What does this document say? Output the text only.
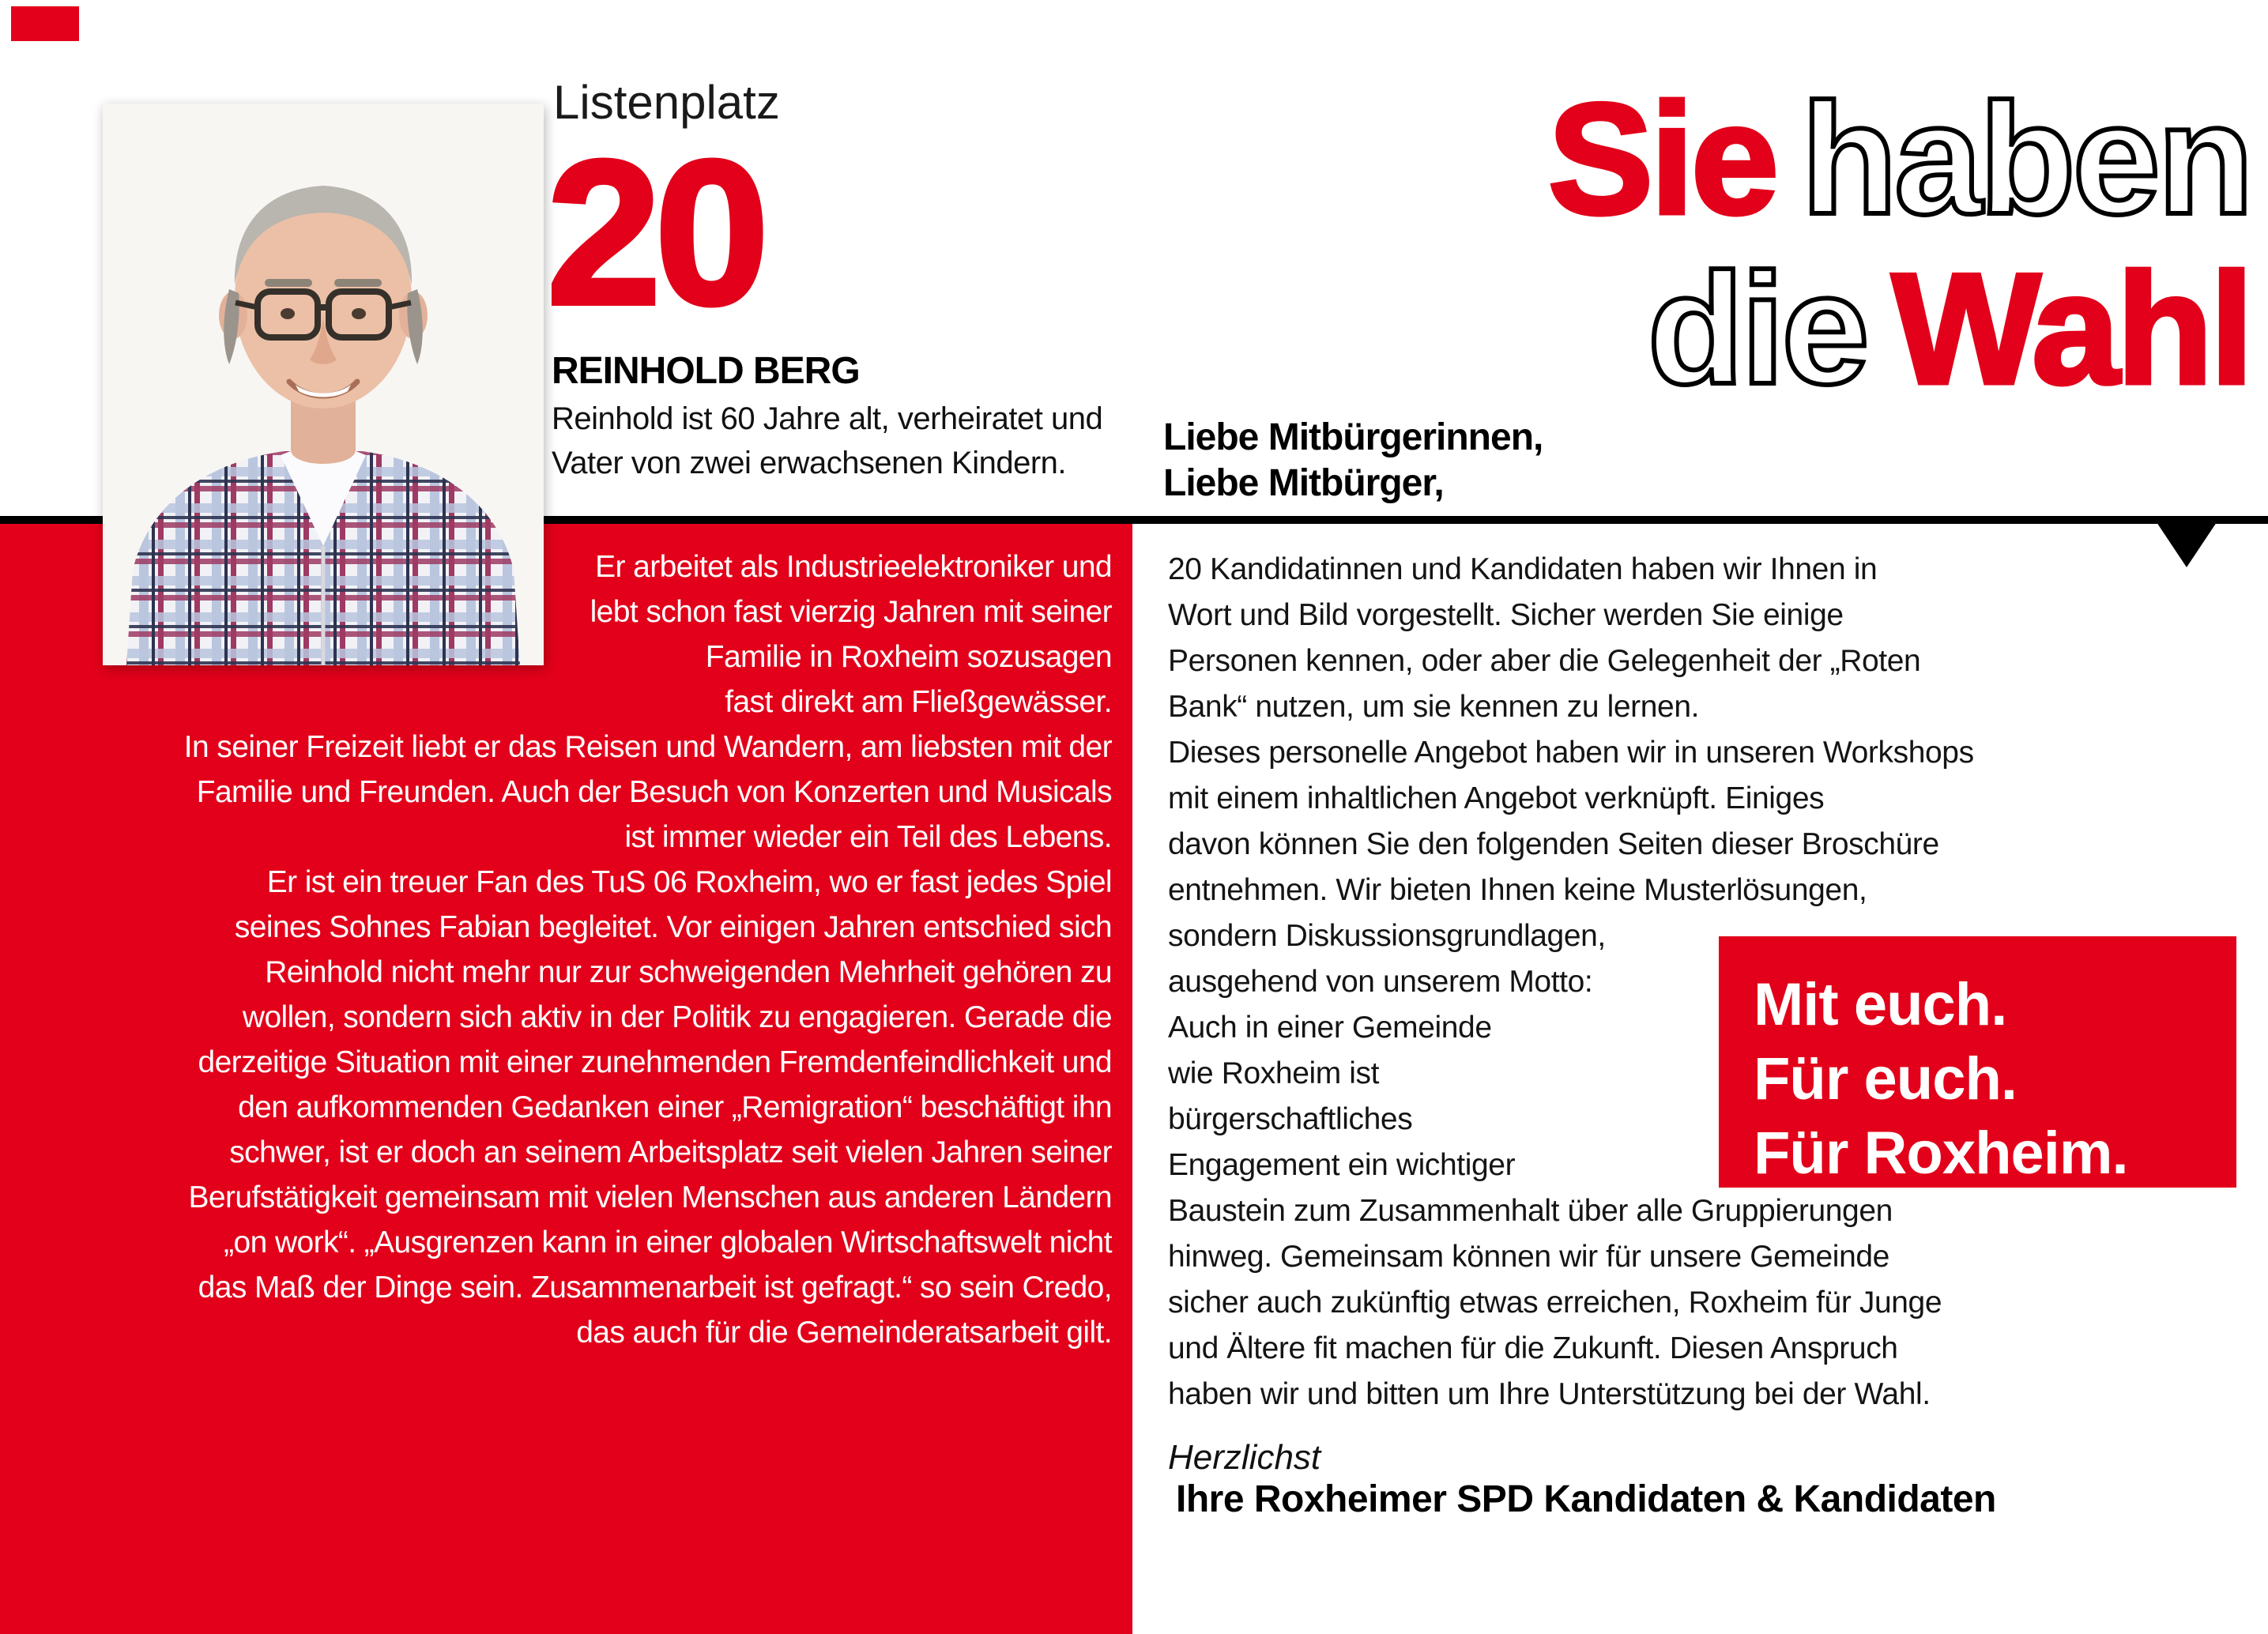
Sie haben
die Wahl
Listenplatz
20
REINHOLD BERG
Reinhold ist 60 Jahre alt, verheiratet und
Vater von zwei erwachsenen Kindern.
Liebe Mitbürgerinnen,
Liebe Mitbürger,
Er arbeitet als Industrieelektroniker und
lebt schon fast vierzig Jahren mit seiner
Familie in Roxheim sozusagen
fast direkt am Fließgewässer.
In seiner Freizeit liebt er das Reisen und Wandern, am liebsten mit der
Familie und Freunden. Auch der Besuch von Konzerten und Musicals
ist immer wieder ein Teil des Lebens.
Er ist ein treuer Fan des TuS 06 Roxheim, wo er fast jedes Spiel
seines Sohnes Fabian begleitet. Vor einigen Jahren entschied sich
Reinhold nicht mehr nur zur schweigenden Mehrheit gehören zu
wollen, sondern sich aktiv in der Politik zu engagieren. Gerade die
derzeitige Situation mit einer zunehmenden Fremdenfeindlichkeit und
den aufkommenden Gedanken einer „Remigration“ beschäftigt ihn
schwer, ist er doch an seinem Arbeitsplatz seit vielen Jahren seiner
Berufstätigkeit gemeinsam mit vielen Menschen aus anderen Ländern
„on work“. „Ausgrenzen kann in einer globalen Wirtschaftswelt nicht
das Maß der Dinge sein. Zusammenarbeit ist gefragt.“ so sein Credo,
das auch für die Gemeinderatsarbeit gilt.
20 Kandidatinnen und Kandidaten haben wir Ihnen in
Wort und Bild vorgestellt. Sicher werden Sie einige
Personen kennen, oder aber die Gelegenheit der „Roten
Bank“ nutzen, um sie kennen zu lernen.
Dieses personelle Angebot haben wir in unseren Workshops
mit einem inhaltlichen Angebot verknüpft. Einiges
davon können Sie den folgenden Seiten dieser Broschüre
entnehmen. Wir bieten Ihnen keine Musterlösungen,
sondern Diskussionsgrundlagen,
ausgehend von unserem Motto:
Auch in einer Gemeinde
wie Roxheim ist
bürgerschaftliches
Engagement ein wichtiger
Baustein zum Zusammenhalt über alle Gruppierungen
hinweg. Gemeinsam können wir für unsere Gemeinde
sicher auch zukünftig etwas erreichen, Roxheim für Junge
und Ältere fit machen für die Zukunft. Diesen Anspruch
haben wir und bitten um Ihre Unterstützung bei der Wahl.
Mit euch.
Für euch.
Für Roxheim.
Herzlichst
Ihre Roxheimer SPD Kandidaten & Kandidaten
